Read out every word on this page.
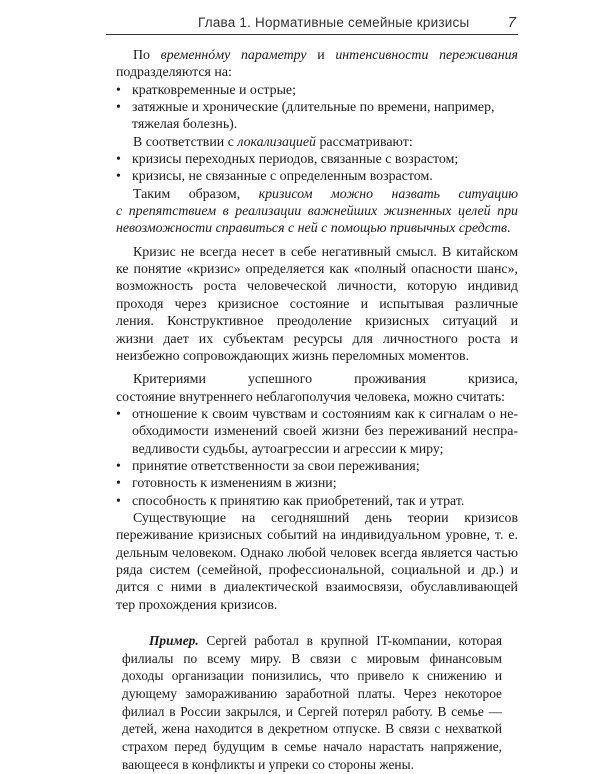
Глава 1. Нормативные семейные кризисы	7
По временнóму параметру и интенсивности переживания
подразделяются на:
• кратковременные и острые;
• затяжные и хронические (длительные по времени, например,
тяжелая болезнь).
В соответствии с локализацией рассматривают:
• кризисы переходных периодов, связанные с возрастом;
• кризисы, не связанные с определенным возрастом.
Таким образом, кризисом можно назвать ситуацию
с препятствием в реализации важнейших жизненных целей при
невозможности справиться с ней с помощью привычных средств.
Кризис не всегда несет в себе негативный смысл. В китайском
ке понятие «кризис» определяется как «полный опасности шанс»,
возможность роста человеческой личности, которую индивид
проходя через кризисное состояние и испытывая различные
ления. Конструктивное преодоление кризисных ситуаций и
жизни дает их субъектам ресурсы для личностного роста и
неизбежно сопровождающих жизнь переломных моментов.
Критериями успешного проживания кризиса,
состояние внутреннего неблагополучия человека, можно считать:
• отношение к своим чувствам и состояниям как к сигналам о не-
обходимости изменений своей жизни без переживаний неспра-
ведливости судьбы, аутоагрессии и агрессии к миру;
• принятие ответственности за свои переживания;
• готовность к изменениям в жизни;
• способность к принятию как приобретений, так и утрат.
Существующие на сегодняшний день теории кризисов
переживание кризисных событий на индивидуальном уровне, т. е.
дельным человеком. Однако любой человек всегда является частью
ряда систем (семейной, профессиональной, социальной и др.) и
дится с ними в диалектической взаимосвязи, обуславливающей
тер прохождения кризисов.
Пример. Сергей работал в крупной IT-компании, которая
филиалы по всему миру. В связи с мировым финансовым
доходы организации понизились, что привело к снижению и
дующему замораживанию заработной платы. Через некоторое
филиал в России закрылся, и Сергей потерял работу. В семье —
детей, жена находится в декретном отпуске. В связи с нехваткой
страхом перед будущим в семье начало нарастать напряжение,
вающееся в конфликты и упреки со стороны жены.
